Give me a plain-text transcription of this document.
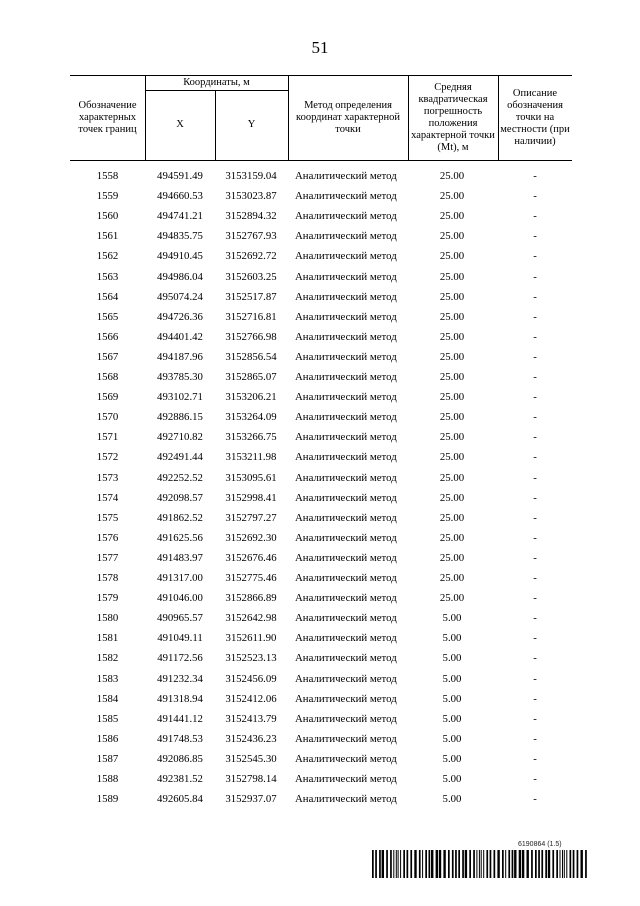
51
Обозначение характерных точек границ
Координаты, м
X	Y
Метод определения координат характерной точки
Средняя квадратическая погрешность положения характерной точки (Mt), м
Описание обозначения точки на местности (при наличии)
1558	494591.49	3153159.04	Аналитический метод	25.00	-
1559	494660.53	3153023.87	Аналитический метод	25.00	-
1560	494741.21	3152894.32	Аналитический метод	25.00	-
1561	494835.75	3152767.93	Аналитический метод	25.00	-
1562	494910.45	3152692.72	Аналитический метод	25.00	-
1563	494986.04	3152603.25	Аналитический метод	25.00	-
1564	495074.24	3152517.87	Аналитический метод	25.00	-
1565	494726.36	3152716.81	Аналитический метод	25.00	-
1566	494401.42	3152766.98	Аналитический метод	25.00	-
1567	494187.96	3152856.54	Аналитический метод	25.00	-
1568	493785.30	3152865.07	Аналитический метод	25.00	-
1569	493102.71	3153206.21	Аналитический метод	25.00	-
1570	492886.15	3153264.09	Аналитический метод	25.00	-
1571	492710.82	3153266.75	Аналитический метод	25.00	-
1572	492491.44	3153211.98	Аналитический метод	25.00	-
1573	492252.52	3153095.61	Аналитический метод	25.00	-
1574	492098.57	3152998.41	Аналитический метод	25.00	-
1575	491862.52	3152797.27	Аналитический метод	25.00	-
1576	491625.56	3152692.30	Аналитический метод	25.00	-
1577	491483.97	3152676.46	Аналитический метод	25.00	-
1578	491317.00	3152775.46	Аналитический метод	25.00	-
1579	491046.00	3152866.89	Аналитический метод	25.00	-
1580	490965.57	3152642.98	Аналитический метод	5.00	-
1581	491049.11	3152611.90	Аналитический метод	5.00	-
1582	491172.56	3152523.13	Аналитический метод	5.00	-
1583	491232.34	3152456.09	Аналитический метод	5.00	-
1584	491318.94	3152412.06	Аналитический метод	5.00	-
1585	491441.12	3152413.79	Аналитический метод	5.00	-
1586	491748.53	3152436.23	Аналитический метод	5.00	-
1587	492086.85	3152545.30	Аналитический метод	5.00	-
1588	492381.52	3152798.14	Аналитический метод	5.00	-
1589	492605.84	3152937.07	Аналитический метод	5.00	-
6190864 (1.5)
